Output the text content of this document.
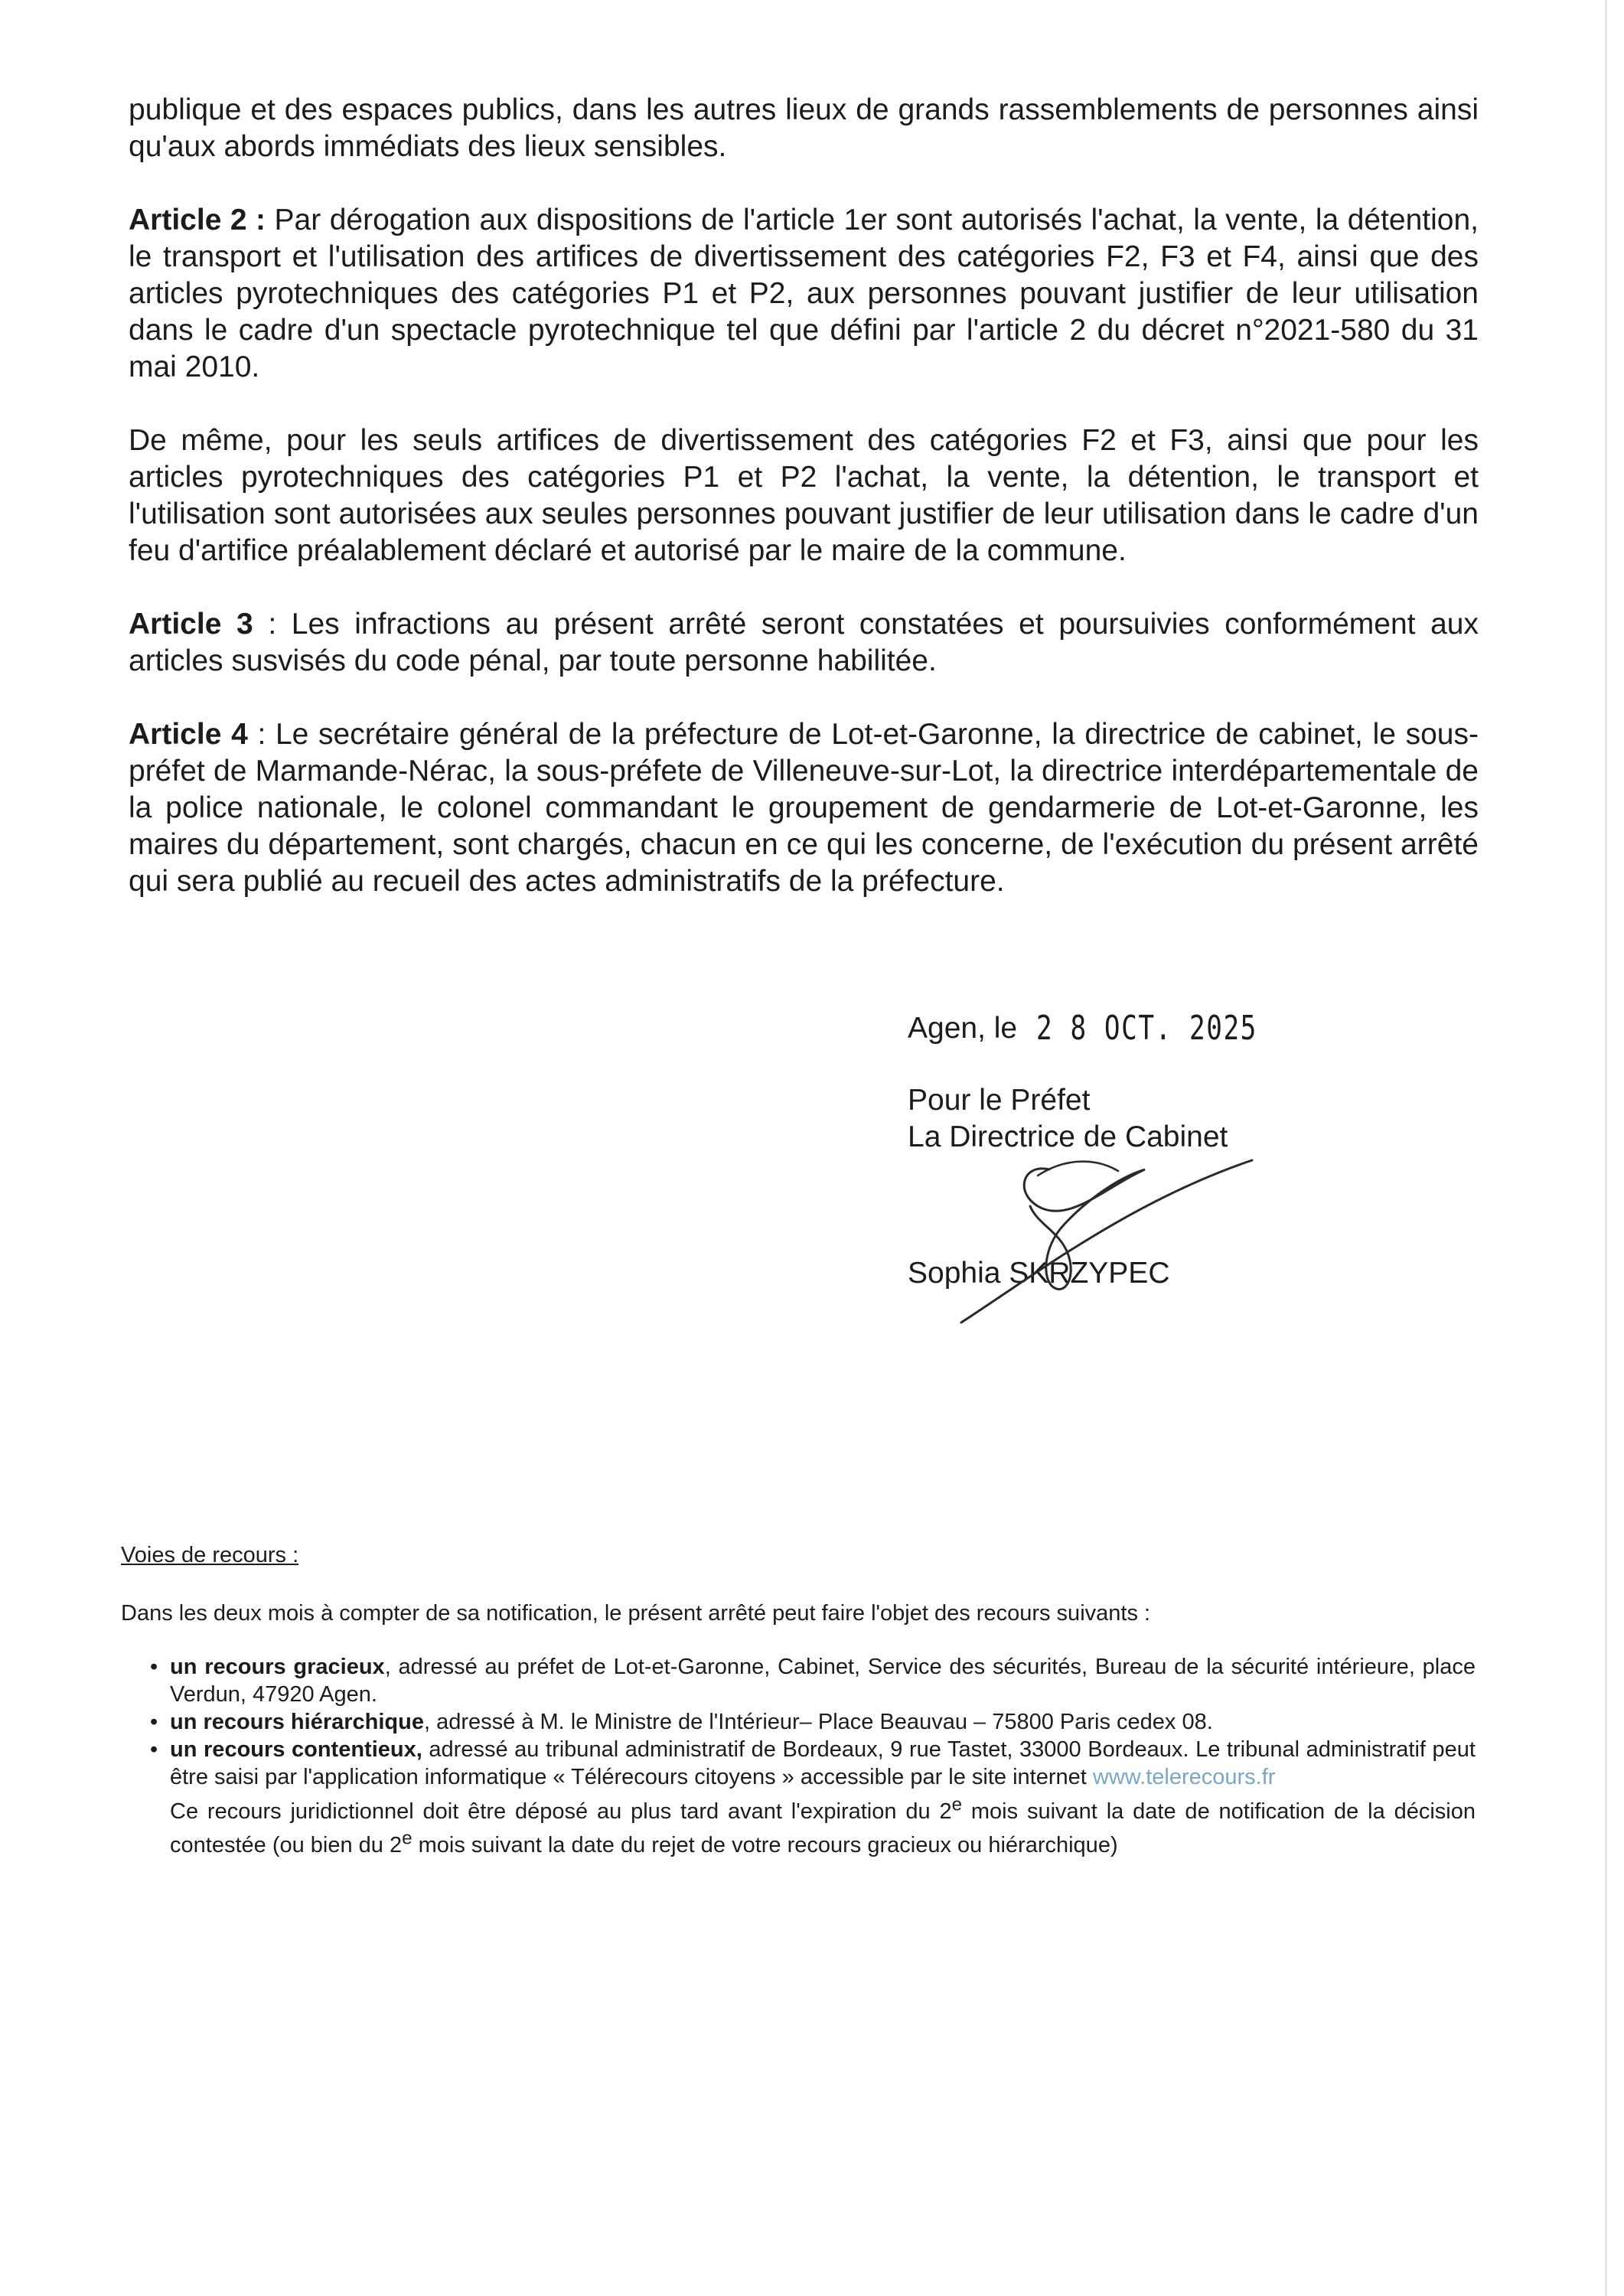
publique et des espaces publics, dans les autres lieux de grands rassemblements de personnes ainsi qu'aux abords immédiats des lieux sensibles.

Article 2 : Par dérogation aux dispositions de l'article 1er sont autorisés l'achat, la vente, la détention, le transport et l'utilisation des artifices de divertissement des catégories F2, F3 et F4, ainsi que des articles pyrotechniques des catégories P1 et P2, aux personnes pouvant justifier de leur utilisation dans le cadre d'un spectacle pyrotechnique tel que défini par l'article 2 du décret n°2021-580 du 31 mai 2010.

De même, pour les seuls artifices de divertissement des catégories F2 et F3, ainsi que pour les articles pyrotechniques des catégories P1 et P2 l'achat, la vente, la détention, le transport et l'utilisation sont autorisées aux seules personnes pouvant justifier de leur utilisation dans le cadre d'un feu d'artifice préalablement déclaré et autorisé par le maire de la commune.

Article 3 : Les infractions au présent arrêté seront constatées et poursuivies conformément aux articles susvisés du code pénal, par toute personne habilitée.

Article 4 : Le secrétaire général de la préfecture de Lot-et-Garonne, la directrice de cabinet, le sous-préfet de Marmande-Nérac, la sous-préfete de Villeneuve-sur-Lot, la directrice interdépartementale de la police nationale, le colonel commandant le groupement de gendarmerie de Lot-et-Garonne, les maires du département, sont chargés, chacun en ce qui les concerne, de l'exécution du présent arrêté qui sera publié au recueil des actes administratifs de la préfecture.

Agen, le 2 8 OCT. 2025
Pour le Préfet
La Directrice de Cabinet
Sophia SKRZYPEC
Voies de recours :

Dans les deux mois à compter de sa notification, le présent arrêté peut faire l'objet des recours suivants :

• un recours gracieux, adressé au préfet de Lot-et-Garonne, Cabinet, Service des sécurités, Bureau de la sécurité intérieure, place Verdun, 47920 Agen.
• un recours hiérarchique, adressé à M. le Ministre de l'Intérieur– Place Beauvau – 75800 Paris cedex 08.
• un recours contentieux, adressé au tribunal administratif de Bordeaux, 9 rue Tastet, 33000 Bordeaux. Le tribunal administratif peut être saisi par l'application informatique « Télérecours citoyens » accessible par le site internet www.telerecours.fr
Ce recours juridictionnel doit être déposé au plus tard avant l'expiration du 2e mois suivant la date de notification de la décision contestée (ou bien du 2e mois suivant la date du rejet de votre recours gracieux ou hiérarchique)
